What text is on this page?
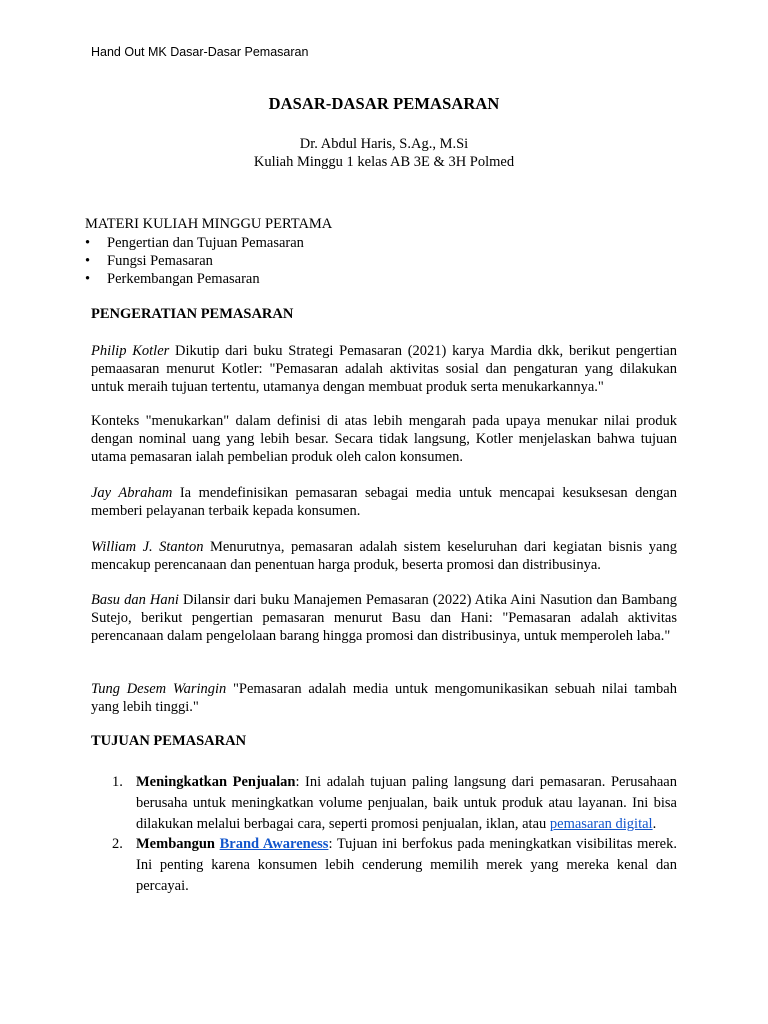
Hand Out MK Dasar-Dasar Pemasaran
DASAR-DASAR PEMASARAN
Dr. Abdul Haris, S.Ag., M.Si
Kuliah Minggu 1 kelas AB 3E & 3H Polmed
MATERI KULIAH MINGGU PERTAMA
• Pengertian dan Tujuan Pemasaran
• Fungsi Pemasaran
• Perkembangan Pemasaran
PENGERATIAN PEMASARAN

Philip Kotler Dikutip dari buku Strategi Pemasaran (2021) karya Mardia dkk, berikut pengertian pemaasaran menurut Kotler: "Pemasaran adalah aktivitas sosial dan pengaturan yang dilakukan untuk meraih tujuan tertentu, utamanya dengan membuat produk serta menukarkannya."

Konteks "menukarkan" dalam definisi di atas lebih mengarah pada upaya menukar nilai produk dengan nominal uang yang lebih besar. Secara tidak langsung, Kotler menjelaskan bahwa tujuan utama pemasaran ialah pembelian produk oleh calon konsumen.

Jay Abraham Ia mendefinisikan pemasaran sebagai media untuk mencapai kesuksesan dengan memberi pelayanan terbaik kepada konsumen.

William J. Stanton Menurutnya, pemasaran adalah sistem keseluruhan dari kegiatan bisnis yang mencakup perencanaan dan penentuan harga produk, beserta promosi dan distribusinya.

Basu dan Hani Dilansir dari buku Manajemen Pemasaran (2022) Atika Aini Nasution dan Bambang Sutejo, berikut pengertian pemasaran menurut Basu dan Hani: "Pemasaran adalah aktivitas perencanaan dalam pengelolaan barang hingga promosi dan distribusinya, untuk memperoleh laba."

Tung Desem Waringin "Pemasaran adalah media untuk mengomunikasikan sebuah nilai tambah yang lebih tinggi."

TUJUAN PEMASARAN
1. Meningkatkan Penjualan: Ini adalah tujuan paling langsung dari pemasaran. Perusahaan berusaha untuk meningkatkan volume penjualan, baik untuk produk atau layanan. Ini bisa dilakukan melalui berbagai cara, seperti promosi penjualan, iklan, atau pemasaran digital.
2. Membangun Brand Awareness: Tujuan ini berfokus pada meningkatkan visibilitas merek. Ini penting karena konsumen lebih cenderung memilih merek yang mereka kenal dan percayai.
